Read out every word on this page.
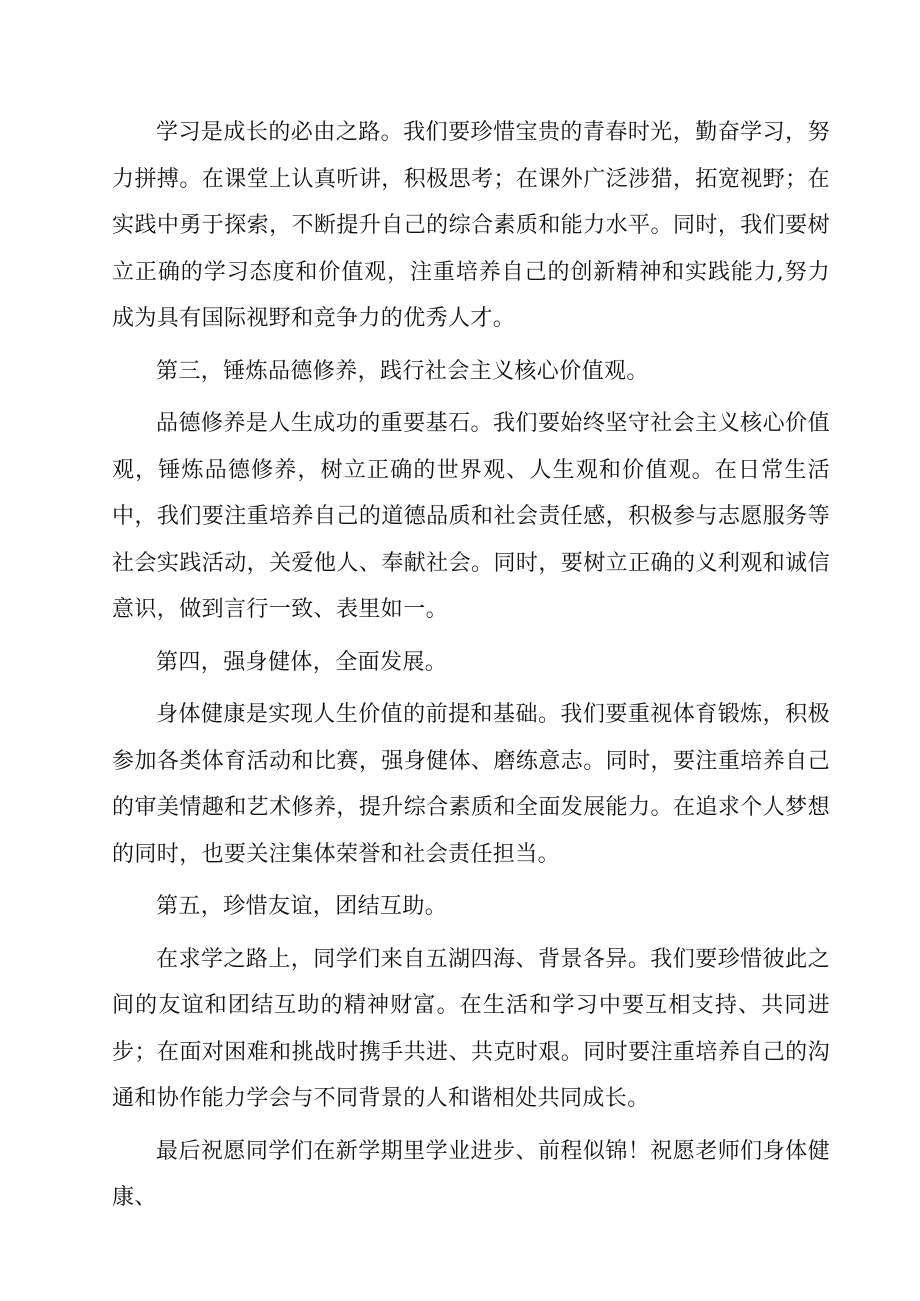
学习是成长的必由之路。我们要珍惜宝贵的青春时光，勤奋学习，努力拼搏。在课堂上认真听讲，积极思考；在课外广泛涉猎，拓宽视野；在实践中勇于探索，不断提升自己的综合素质和能力水平。同时，我们要树立正确的学习态度和价值观，注重培养自己的创新精神和实践能力,努力成为具有国际视野和竞争力的优秀人才。

第三，锤炼品德修养，践行社会主义核心价值观。

品德修养是人生成功的重要基石。我们要始终坚守社会主义核心价值观，锤炼品德修养，树立正确的世界观、人生观和价值观。在日常生活中，我们要注重培养自己的道德品质和社会责任感，积极参与志愿服务等社会实践活动，关爱他人、奉献社会。同时，要树立正确的义利观和诚信意识，做到言行一致、表里如一。

第四，强身健体，全面发展。

身体健康是实现人生价值的前提和基础。我们要重视体育锻炼，积极参加各类体育活动和比赛，强身健体、磨练意志。同时，要注重培养自己的审美情趣和艺术修养，提升综合素质和全面发展能力。在追求个人梦想的同时，也要关注集体荣誉和社会责任担当。

第五，珍惜友谊，团结互助。

在求学之路上，同学们来自五湖四海、背景各异。我们要珍惜彼此之间的友谊和团结互助的精神财富。在生活和学习中要互相支持、共同进步；在面对困难和挑战时携手共进、共克时艰。同时要注重培养自己的沟通和协作能力学会与不同背景的人和谐相处共同成长。

最后祝愿同学们在新学期里学业进步、前程似锦！祝愿老师们身体健康、
